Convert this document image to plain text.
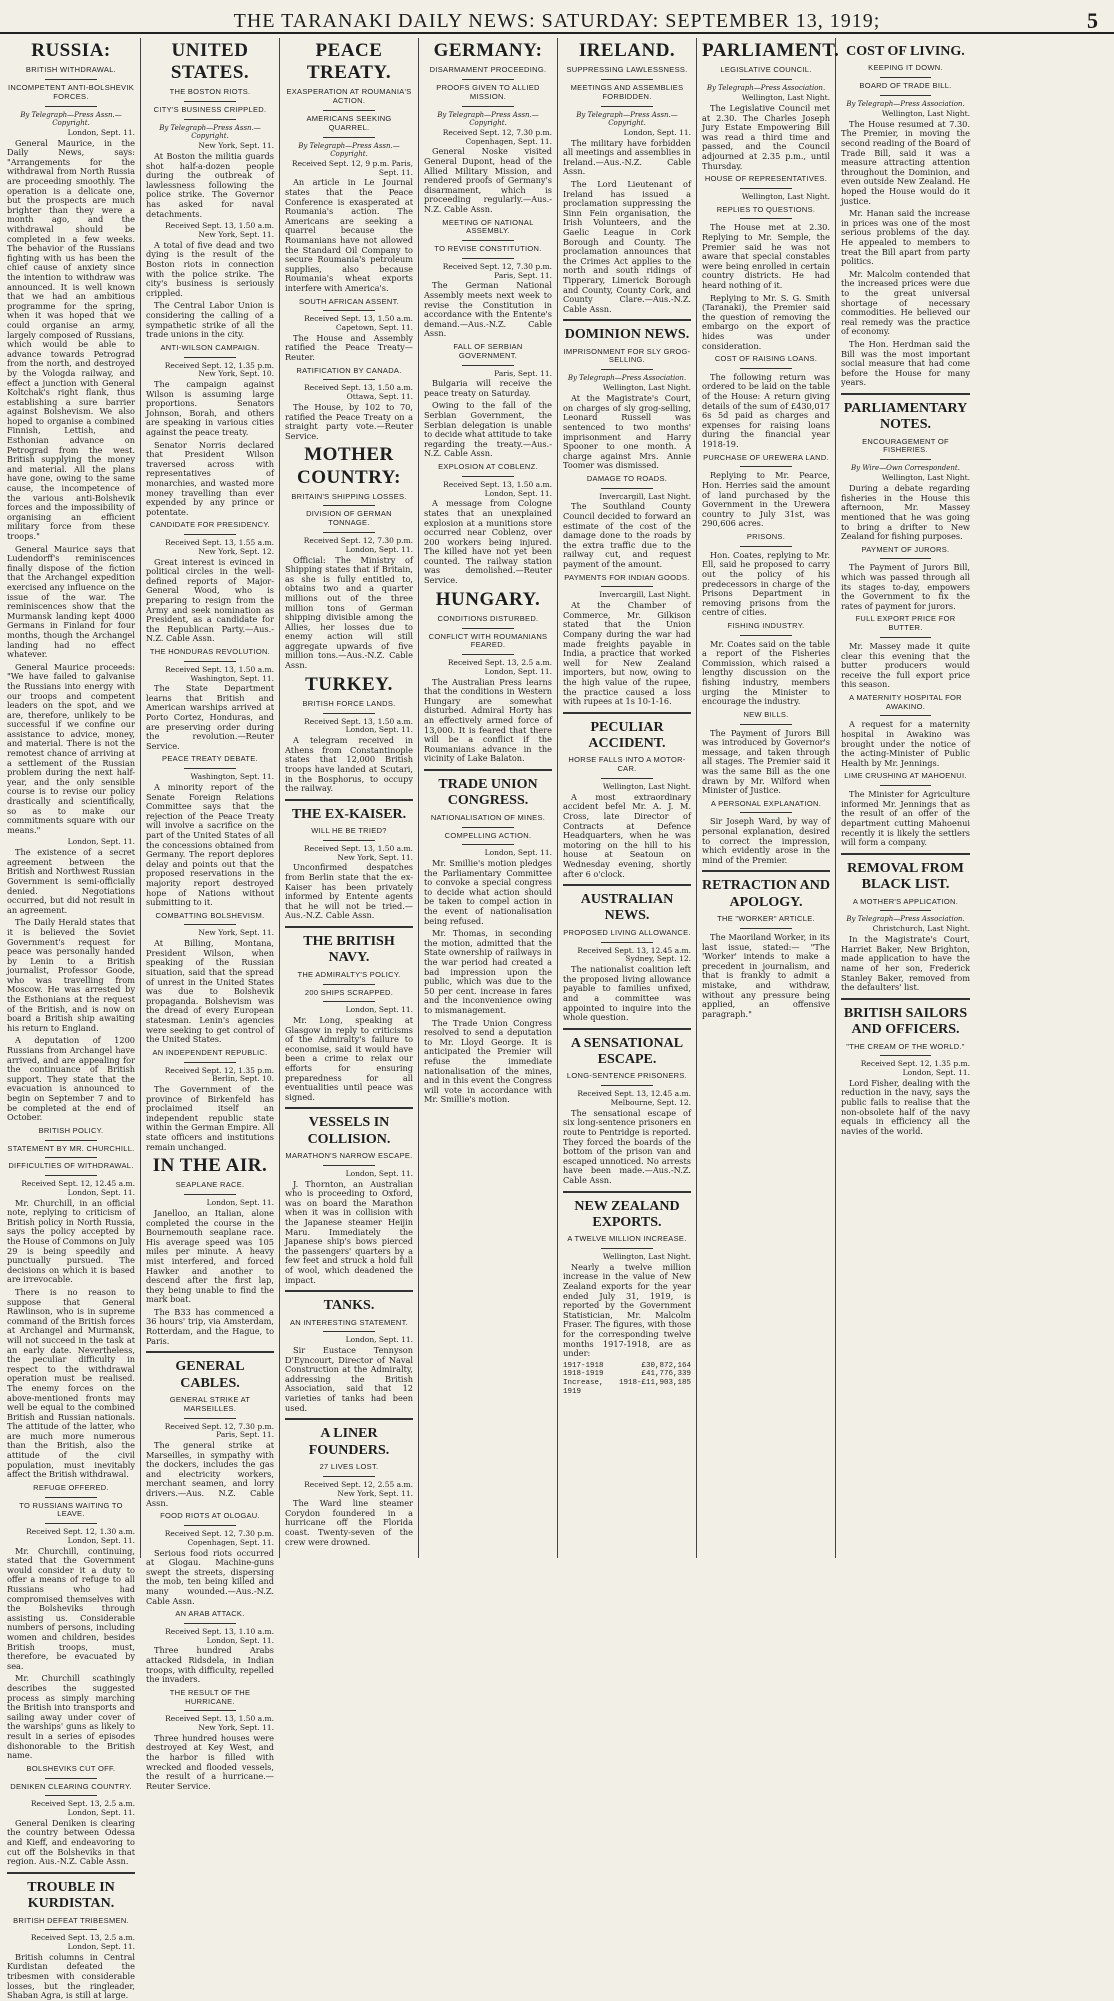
THE TARANAKI DAILY NEWS: SATURDAY: SEPTEMBER 13, 1919;	5
RUSSIA:
BRITISH WITHDRAWAL.
INCOMPETENT ANTI-BOLSHEVIK FORCES.
By Telegraph—Press Assn.—Copyright.
London, Sept. 11.
General Maurice, in the Daily News, says: "Arrangements for the withdrawal from North Russia are proceeding smoothly. The operation is a delicate one, but the prospects are much brighter than they were a month ago, and the withdrawal should be completed in a few weeks. The behavior of the Russians fighting with us has been the chief cause of anxiety since the intention to withdraw was announced. It is well known that we had an ambitious programme for the spring, when it was hoped that we could organise an army, largely composed of Russians, which would be able to advance towards Petrograd from the north, and destroyed by the Vologda railway, and effect a junction with General Koltchak's right flank, thus establishing a sure barrier against Bolshevism. We also hoped to organise a combined Finnish, Lettish, and Esthonian advance on Petrograd from the west. British supplying the money and material. All the plans have gone, owing to the same cause, the incompetence of the various anti-Bolshevik forces and the impossibility of organising an efficient military force from these troops."
General Maurice says that Ludendorff's reminiscences finally dispose of the fiction that the Archangel expedition exercised any influence on the issue of the war. The reminiscences show that the Murmansk landing kept 4000 Germans in Finland for four months, though the Archangel landing had no effect whatever.
General Maurice proceeds: "We have failed to galvanise the Russians into energy with our troops and competent leaders on the spot, and we are, therefore, unlikely to be successful if we confine our assistance to advice, money, and material. There is not the remotest chance of arriving at a settlement of the Russian problem during the next half-year, and the only sensible course is to revise our policy drastically and scientifically, so as to make our commitments square with our means."
London, Sept. 11.
The existence of a secret agreement between the British and Northwest Russian Government is semi-officially denied. Negotiations occurred, but did not result in an agreement.
The Daily Herald states that it is believed the Soviet Government's request for peace was personally handed by Lenin to a British journalist, Professor Goode, who was travelling from Moscow. He was arrested by the Esthonians at the request of the British, and is now on board a British ship awaiting his return to England.
A deputation of 1200 Russians from Archangel have arrived, and are appealing for the continuance of British support. They state that the evacuation is announced to begin on September 7 and to be completed at the end of October.
BRITISH POLICY.
STATEMENT BY MR. CHURCHILL.
DIFFICULTIES OF WITHDRAWAL.
Received Sept. 12, 12.45 a.m. London, Sept. 11.
Mr. Churchill, in an official note, replying to criticism of British policy in North Russia, says the policy accepted by the House of Commons on July 29 is being speedily and punctually pursued. The decisions on which it is based are irrevocable.
There is no reason to suppose that General Rawlinson, who is in supreme command of the British forces at Archangel and Murmansk, will not succeed in the task at an early date. Nevertheless, the peculiar difficulty in respect to the withdrawal operation must be realised. The enemy forces on the above-mentioned fronts may well be equal to the combined British and Russian nationals. The attitude of the latter, who are much more numerous than the British, also the attitude of the civil population, must inevitably affect the British withdrawal.
REFUGE OFFERED.
TO RUSSIANS WAITING TO LEAVE.
Received Sept. 12, 1.30 a.m. London, Sept. 11.
Mr. Churchill, continuing, stated that the Government would consider it a duty to offer a means of refuge to all Russians who had compromised themselves with the Bolsheviks through assisting us. Considerable numbers of persons, including women and children, besides British troops, must, therefore, be evacuated by sea.
Mr. Churchill scathingly describes the suggested process as simply marching the British into transports and sailing away under cover of the warships' guns as likely to result in a series of episodes dishonorable to the British name.
BOLSHEVIKS CUT OFF.
DENIKEN CLEARING COUNTRY.
Received Sept. 13, 2.5 a.m. London, Sept. 11.
General Deniken is clearing the country between Odessa and Kieff, and endeavoring to cut off the Bolsheviks in that region. Aus.-N.Z. Cable Assn.
TROUBLE IN KURDISTAN.
BRITISH DEFEAT TRIBESMEN.
Received Sept. 13, 2.5 a.m. London, Sept. 11.
British columns in Central Kurdistan defeated the tribesmen with considerable losses, but the ringleader, Shaban Agra, is still at large.
UNITED STATES.
THE BOSTON RIOTS.
CITY'S BUSINESS CRIPPLED.
By Telegraph—Press Assn.—Copyright.
New York, Sept. 11.
At Boston the militia guards shot half-a-dozen people during the outbreak of lawlessness following the police strike. The Governor has asked for naval detachments.
Received Sept. 13, 1.50 a.m. New York, Sept. 11.
A total of five dead and two dying is the result of the Boston riots in connection with the police strike. The city's business is seriously crippled.
The Central Labor Union is considering the calling of a sympathetic strike of all the trade unions in the city.
ANTI-WILSON CAMPAIGN.
Received Sept. 12, 1.35 p.m. New York, Sept. 10.
The campaign against Wilson is assuming large proportions. Senators Johnson, Borah, and others are speaking in various cities against the peace treaty.
Senator Norris declared that President Wilson traversed across with representatives of monarchies, and wasted more money travelling than ever expended by any prince or potentate.
CANDIDATE FOR PRESIDENCY.
Received Sept. 13, 1.55 a.m. New York, Sept. 12.
Great interest is evinced in political circles in the well-defined reports of Major-General Wood, who is preparing to resign from the Army and seek nomination as President, as a candidate for the Republican Party.—Aus.-N.Z. Cable Assn.
THE HONDURAS REVOLUTION.
Received Sept. 13, 1.50 a.m. Washington, Sept. 11.
The State Department learns that British and American warships arrived at Porto Cortez, Honduras, and are preserving order during the revolution.—Reuter Service.
PEACE TREATY DEBATE.
Washington, Sept. 11.
A minority report of the Senate Foreign Relations Committee says that the rejection of the Peace Treaty will involve a sacrifice on the part of the United States of all the concessions obtained from Germany. The report deplores delay and points out that the proposed reservations in the majority report destroyed hope of Nations without submitting to it.
COMBATTING BOLSHEVISM.
New York, Sept. 11.
At Billing, Montana, President Wilson, when speaking of the Russian situation, said that the spread of unrest in the United States was due to Bolshevik propaganda. Bolshevism was the dread of every European statesman. Lenin's agencies were seeking to get control of the United States.
AN INDEPENDENT REPUBLIC.
Received Sept. 12, 1.35 p.m. Berlin, Sept. 10.
The Government of the province of Birkenfeld has proclaimed itself an independent republic state within the German Empire. All state officers and institutions remain unchanged.
IN THE AIR.
SEAPLANE RACE.
London, Sept. 11.
Janelloo, an Italian, alone completed the course in the Bournemouth seaplane race. His average speed was 105 miles per minute. A heavy mist interfered, and forced Hawker and another to descend after the first lap, they being unable to find the mark boat.
The B33 has commenced a 36 hours' trip, via Amsterdam, Rotterdam, and the Hague, to Paris.
GENERAL CABLES.
GENERAL STRIKE AT MARSEILLES.
Received Sept. 12, 7.30 p.m. Paris, Sept. 11.
The general strike at Marseilles, in sympathy with the dockers, includes the gas and electricity workers, merchant seamen, and lorry drivers.—Aus. N.Z. Cable Assn.
FOOD RIOTS AT OLOGAU.
Received Sept. 12, 7.30 p.m. Copenhagen, Sept. 11.
Serious food riots occurred at Glogau. Machine-guns swept the streets, dispersing the mob, ten being killed and many wounded.—Aus.-N.Z. Cable Assn.
AN ARAB ATTACK.
Received Sept. 13, 1.10 a.m. London, Sept. 11.
Three hundred Arabs attacked Ridsdela, in Indian troops, with difficulty, repelled the invaders.
THE RESULT OF THE HURRICANE.
Received Sept. 13, 1.50 a.m. New York, Sept. 11.
Three hundred houses were destroyed at Key West, and the harbor is filled with wrecked and flooded vessels, the result of a hurricane.—Reuter Service.
PEACE TREATY.
EXASPERATION AT ROUMANIA'S ACTION.
AMERICANS SEEKING QUARREL.
By Telegraph—Press Assn.—Copyright.
Received Sept. 12, 9 p.m. Paris, Sept. 11.
An article in Le Journal states that the Peace Conference is exasperated at Roumania's action. The Americans are seeking a quarrel because the Roumanians have not allowed the Standard Oil Company to secure Roumania's petroleum supplies, also because Roumania's wheat exports interfere with America's.
SOUTH AFRICAN ASSENT.
Received Sept. 13, 1.50 a.m. Capetown, Sept. 11.
The House and Assembly ratified the Peace Treaty—Reuter.
RATIFICATION BY CANADA.
Received Sept. 13, 1.50 a.m. Ottawa, Sept. 11.
The House, by 102 to 70, ratified the Peace Treaty on a straight party vote.—Reuter Service.
MOTHER COUNTRY:
BRITAIN'S SHIPPING LOSSES.
DIVISION OF GERMAN TONNAGE.
Received Sept. 12, 7.30 p.m. London, Sept. 11.
Official: The Ministry of Shipping states that if Britain, as she is fully entitled to, obtains two and a quarter millions out of the three million tons of German shipping divisible among the Allies, her losses due to enemy action will still aggregate upwards of five million tons.—Aus.-N.Z. Cable Assn.
TURKEY.
BRITISH FORCE LANDS.
Received Sept. 13, 1.50 a.m. London, Sept. 11.
A telegram received in Athens from Constantinople states that 12,000 British troops have landed at Scutari, in the Bosphorus, to occupy the railway.
THE EX-KAISER.
WILL HE BE TRIED?
Received Sept. 13, 1.50 a.m. New York, Sept. 11.
Unconfirmed despatches from Berlin state that the ex-Kaiser has been privately informed by Entente agents that he will not be tried.—Aus.-N.Z. Cable Assn.
THE BRITISH NAVY.
THE ADMIRALTY'S POLICY.
200 SHIPS SCRAPPED.
London, Sept. 11.
Mr. Long, speaking at Glasgow in reply to criticisms of the Admiralty's failure to economise, said it would have been a crime to relax our efforts for ensuring preparedness for all eventualities until peace was signed.
VESSELS IN COLLISION.
MARATHON'S NARROW ESCAPE.
London, Sept. 11.
J. Thornton, an Australian who is proceeding to Oxford, was on board the Marathon when it was in collision with the Japanese steamer Heijin Maru. Immediately the Japanese ship's bows pierced the passengers' quarters by a few feet and struck a hold full of wool, which deadened the impact.
TANKS.
AN INTERESTING STATEMENT.
London, Sept. 11.
Sir Eustace Tennyson D'Eyncourt, Director of Naval Construction at the Admiralty, addressing the British Association, said that 12 varieties of tanks had been used.
A LINER FOUNDERS.
27 LIVES LOST.
Received Sept. 12, 2.55 a.m. New York, Sept. 11.
The Ward line steamer Corydon foundered in a hurricane off the Florida coast. Twenty-seven of the crew were drowned.
GERMANY:
DISARMAMENT PROCEEDING.
PROOFS GIVEN TO ALLIED MISSION.
By Telegraph—Press Assn.—Copyright.
Received Sept. 12, 7.30 p.m. Copenhagen, Sept. 11.
General Noske visited General Dupont, head of the Allied Military Mission, and rendered proofs of Germany's disarmament, which is proceeding regularly.—Aus.-N.Z. Cable Assn.
MEETING OF NATIONAL ASSEMBLY.
TO REVISE CONSTITUTION.
Received Sept. 12, 7.30 p.m. Paris, Sept. 11.
The German National Assembly meets next week to revise the Constitution in accordance with the Entente's demand.—Aus.-N.Z. Cable Assn.
FALL OF SERBIAN GOVERNMENT.
Paris, Sept. 11.
Bulgaria will receive the peace treaty on Saturday.
Owing to the fall of the Serbian Government, the Serbian delegation is unable to decide what attitude to take regarding the treaty.—Aus.-N.Z. Cable Assn.
EXPLOSION AT COBLENZ.
Received Sept. 13, 1.50 a.m. London, Sept. 11.
A message from Cologne states that an unexplained explosion at a munitions store occurred near Coblenz, over 200 workers being injured. The killed have not yet been counted. The railway station was demolished.—Reuter Service.
HUNGARY.
CONDITIONS DISTURBED.
CONFLICT WITH ROUMANIANS FEARED.
Received Sept. 13, 2.5 a.m. London, Sept. 11.
The Australian Press learns that the conditions in Western Hungary are somewhat disturbed. Admiral Horty has an effectively armed force of 13,000. It is feared that there will be a conflict if the Roumanians advance in the vicinity of Lake Balaton.
TRADE UNION CONGRESS.
NATIONALISATION OF MINES.
COMPELLING ACTION.
London, Sept. 11.
Mr. Smillie's motion pledges the Parliamentary Committee to convoke a special congress to decide what action should be taken to compel action in the event of nationalisation being refused.
Mr. Thomas, in seconding the motion, admitted that the State ownership of railways in the war period had created a bad impression upon the public, which was due to the 50 per cent. increase in fares and the inconvenience owing to mismanagement.
The Trade Union Congress resolved to send a deputation to Mr. Lloyd George. It is anticipated the Premier will refuse the immediate nationalisation of the mines, and in this event the Congress will vote in accordance with Mr. Smillie's motion.
IRELAND.
SUPPRESSING LAWLESSNESS.
MEETINGS AND ASSEMBLIES FORBIDDEN.
By Telegraph—Press Assn.—Copyright.
London, Sept. 11.
The military have forbidden all meetings and assemblies in Ireland.—Aus.-N.Z. Cable Assn.
The Lord Lieutenant of Ireland has issued a proclamation suppressing the Sinn Fein organisation, the Irish Volunteers, and the Gaelic League in Cork Borough and County. The proclamation announces that the Crimes Act applies to the north and south ridings of Tipperary, Limerick Borough and County, County Cork, and County Clare.—Aus.-N.Z. Cable Assn.
DOMINION NEWS.
IMPRISONMENT FOR SLY GROG-SELLING.
By Telegraph—Press Association.
Wellington, Last Night.
At the Magistrate's Court, on charges of sly grog-selling, Leonard Russell was sentenced to two months' imprisonment and Harry Spooner to one month. A charge against Mrs. Annie Toomer was dismissed.
DAMAGE TO ROADS.
Invercargill, Last Night.
The Southland County Council decided to forward an estimate of the cost of the damage done to the roads by the extra traffic due to the railway cut, and request payment of the amount.
PAYMENTS FOR INDIAN GOODS.
Invercargill, Last Night.
At the Chamber of Commerce, Mr. Gilkison stated that the Union Company during the war had made freights payable in India, a practice that worked well for New Zealand importers, but now, owing to the high value of the rupee, the practice caused a loss with rupees at 1s 10-1-16.
PECULIAR ACCIDENT.
HORSE FALLS INTO A MOTOR-CAR.
Wellington, Last Night.
A most extraordinary accident befel Mr. A. J. M. Cross, late Director of Contracts at Defence Headquarters, when he was motoring on the hill to his house at Seatoun on Wednesday evening, shortly after 6 o'clock.
AUSTRALIAN NEWS.
PROPOSED LIVING ALLOWANCE.
Received Sept. 13, 12.45 a.m. Sydney, Sept. 12.
The nationalist coalition left the proposed living allowance payable to families unfixed, and a committee was appointed to inquire into the whole question.
A SENSATIONAL ESCAPE.
LONG-SENTENCE PRISONERS.
Received Sept. 13, 12.45 a.m. Melbourne, Sept. 12.
The sensational escape of six long-sentence prisoners en route to Pentridge is reported. They forced the boards of the bottom of the prison van and escaped unnoticed. No arrests have been made.—Aus.-N.Z. Cable Assn.
NEW ZEALAND EXPORTS.
A TWELVE MILLION INCREASE.
Wellington, Last Night.
Nearly a twelve million increase in the value of New Zealand exports for the year ended July 31, 1919, is reported by the Government Statistician, Mr. Malcolm Fraser. The figures, with those for the corresponding twelve months 1917-1918, are as under:
1917-1918	£30,872,164
1918-1919	£41,776,339
Increase, 1918-1919
£11,903,185
PARLIAMENT.
LEGISLATIVE COUNCIL.
By Telegraph—Press Association.
Wellington, Last Night.
The Legislative Council met at 2.30. The Charles Joseph Jury Estate Empowering Bill was read a third time and passed, and the Council adjourned at 2.35 p.m., until Thursday.
HOUSE OF REPRESENTATIVES.
Wellington, Last Night.
REPLIES TO QUESTIONS.
The House met at 2.30. Replying to Mr. Semple, the Premier said he was not aware that special constables were being enrolled in certain country districts. He had heard nothing of it.
Replying to Mr. S. G. Smith (Taranaki), the Premier said the question of removing the embargo on the export of hides was under consideration.
COST OF RAISING LOANS.
The following return was ordered to be laid on the table of the House: A return giving details of the sum of £430,017 6s 5d paid as charges and expenses for raising loans during the financial year 1918-19.
PURCHASE OF UREWERA LAND.
Replying to Mr. Pearce, Hon. Herries said the amount of land purchased by the Government in the Urewera country to July 31st, was 290,606 acres.
PRISONS.
Hon. Coates, replying to Mr. Ell, said he proposed to carry out the policy of his predecessors in charge of the Prisons Department in removing prisons from the centre of cities.
FISHING INDUSTRY.
Mr. Coates said on the table a report of the Fisheries Commission, which raised a lengthy discussion on the fishing industry, members urging the Minister to encourage the industry.
NEW BILLS.
The Payment of Jurors Bill was introduced by Governor's message, and taken through all stages. The Premier said it was the same Bill as the one drawn by Mr. Wilford when Minister of Justice.
A PERSONAL EXPLANATION.
Sir Joseph Ward, by way of personal explanation, desired to correct the impression, which evidently arose in the mind of the Premier.
RETRACTION AND APOLOGY.
THE "WORKER" ARTICLE.
The Maoriland Worker, in its last issue, stated:— "The 'Worker' intends to make a precedent in journalism, and that is frankly to admit a mistake, and withdraw, without any pressure being applied, an offensive paragraph."
COST OF LIVING.
KEEPING IT DOWN.
BOARD OF TRADE BILL.
By Telegraph—Press Association.
Wellington, Last Night.
The House resumed at 7.30. The Premier, in moving the second reading of the Board of Trade Bill, said it was a measure attracting attention throughout the Dominion, and even outside New Zealand. He hoped the House would do it justice.
Mr. Hanan said the increase in prices was one of the most serious problems of the day. He appealed to members to treat the Bill apart from party politics.
Mr. Malcolm contended that the increased prices were due to the great universal shortage of necessary commodities. He believed our real remedy was the practice of economy.
The Hon. Herdman said the Bill was the most important social measure that had come before the House for many years.
PARLIAMENTARY NOTES.
ENCOURAGEMENT OF FISHERIES.
By Wire—Own Correspondent.
Wellington, Last Night.
During a debate regarding fisheries in the House this afternoon, Mr. Massey mentioned that he was going to bring a drifter to New Zealand for fishing purposes.
PAYMENT OF JURORS.
The Payment of Jurors Bill, which was passed through all its stages to-day, empowers the Government to fix the rates of payment for jurors.
FULL EXPORT PRICE FOR BUTTER.
Mr. Massey made it quite clear this evening that the butter producers would receive the full export price this season.
A MATERNITY HOSPITAL FOR AWAKINO.
A request for a maternity hospital in Awakino was brought under the notice of the acting-Minister of Public Health by Mr. Jennings.
LIME CRUSHING AT MAHOENUI.
The Minister for Agriculture informed Mr. Jennings that as the result of an offer of the department cutting Mahoenui recently it is likely the settlers will form a company.
REMOVAL FROM BLACK LIST.
A MOTHER'S APPLICATION.
By Telegraph—Press Association.
Christchurch, Last Night.
In the Magistrate's Court, Harriet Baker, New Brighton, made application to have the name of her son, Frederick Stanley Baker, removed from the defaulters' list.
BRITISH SAILORS AND OFFICERS.
"THE CREAM OF THE WORLD."
Received Sept. 12, 1.35 p.m. London, Sept. 11.
Lord Fisher, dealing with the reduction in the navy, says the public fails to realise that the non-obsolete half of the navy equals in efficiency all the navies of the world.
